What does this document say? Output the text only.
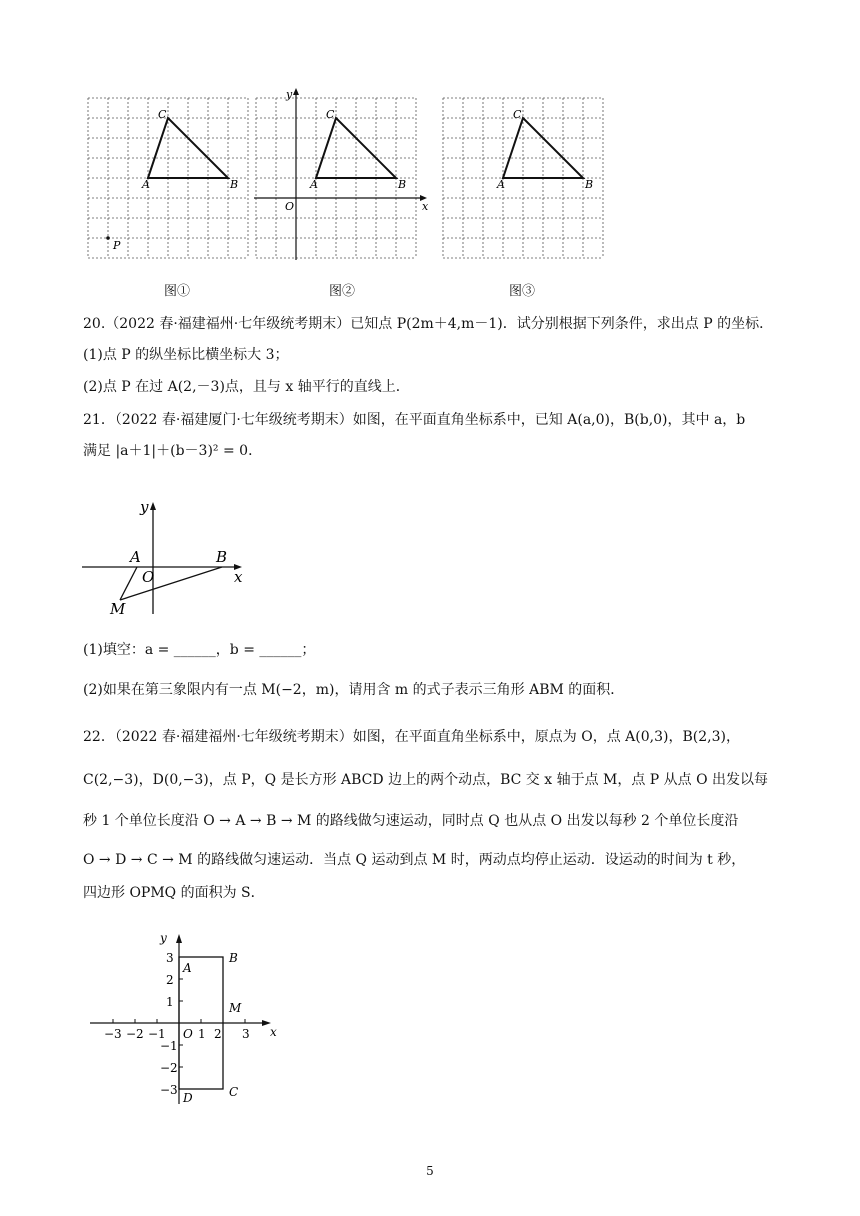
C
A	B
P
y
x
O
C
A	B
C
A	B
图①	图②	图③
20.（2022 春·福建福州·七年级统考期末）已知点 P(2m＋4,m－1)．试分别根据下列条件，求出点 P 的坐标．
(1)点 P 的纵坐标比横坐标大 3；
(2)点 P 在过 A(2,－3)点，且与 x 轴平行的直线上．
21．（2022 春·福建厦门·七年级统考期末）如图，在平面直角坐标系中，已知 A(a,0)，B(b,0)，其中 a，b
满足 |a＋1|＋(b－3)² = 0．
y
x
A	B
O
M
(1)填空：a = ______，b = ______；
(2)如果在第三象限内有一点 M(−2，m)，请用含 m 的式子表示三角形 ABM 的面积．
22．（2022 春·福建福州·七年级统考期末）如图，在平面直角坐标系中，原点为 O，点 A(0,3)，B(2,3)，
C(2,−3)，D(0,−3)，点 P，Q 是长方形 ABCD 边上的两个动点，BC 交 x 轴于点 M，点 P 从点 O 出发以每
秒 1 个单位长度沿 O → A → B → M 的路线做匀速运动，同时点 Q 也从点 O 出发以每秒 2 个单位长度沿
O → D → C → M 的路线做匀速运动．当点 Q 运动到点 M 时，两动点均停止运动．设运动的时间为 t 秒，
四边形 OPMQ 的面积为 S．
y
x
A
B
M
C
D
O
−3 −2 −1	1 2 3
3
2
1
−1
−2
−3
5
